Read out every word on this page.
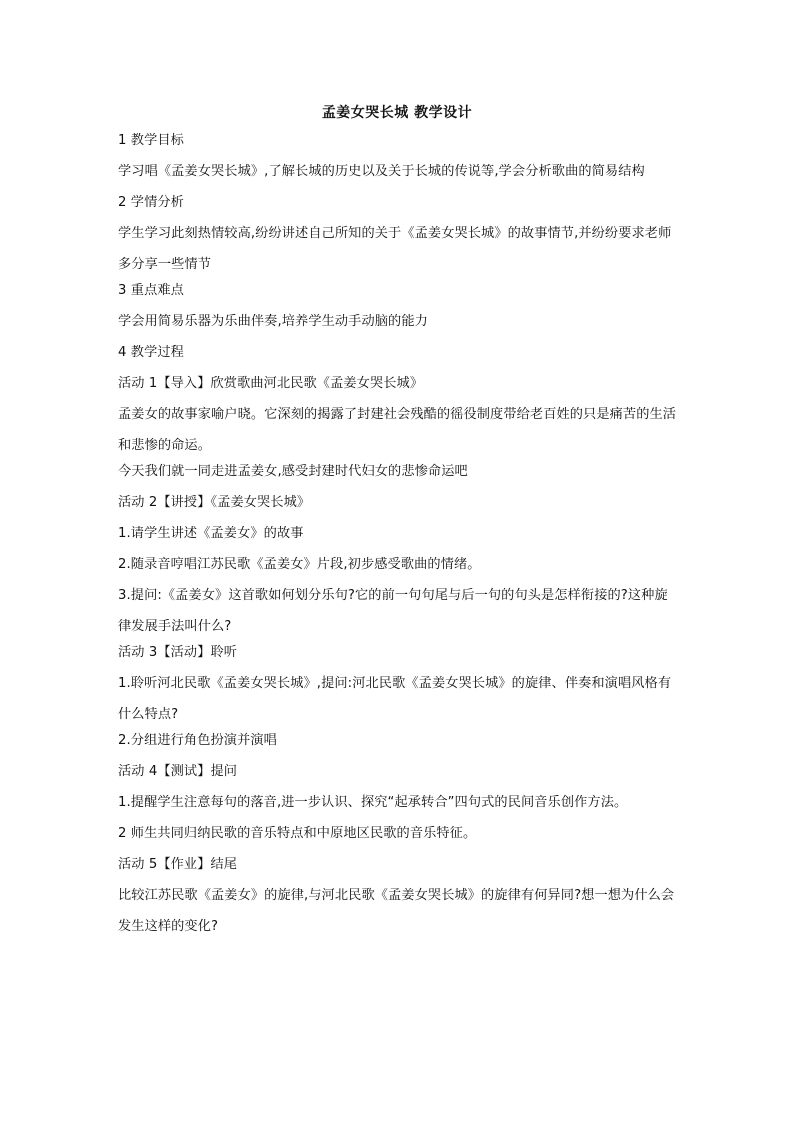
孟姜女哭长城 教学设计
1 教学目标
学习唱《孟姜女哭长城》,了解长城的历史以及关于长城的传说等,学会分析歌曲的简易结构
2 学情分析
学生学习此刻热情较高,纷纷讲述自己所知的关于《孟姜女哭长城》的故事情节,并纷纷要求老师多分享一些情节
3 重点难点
学会用简易乐器为乐曲伴奏,培养学生动手动脑的能力
4 教学过程
活动 1【导入】欣赏歌曲河北民歌《孟姜女哭长城》
孟姜女的故事家喻户晓。它深刻的揭露了封建社会残酷的徭役制度带给老百姓的只是痛苦的生活和悲惨的命运。
今天我们就一同走进孟姜女,感受封建时代妇女的悲惨命运吧
活动 2【讲授】《孟姜女哭长城》
1.请学生讲述《孟姜女》的故事
2.随录音哼唱江苏民歌《孟姜女》片段,初步感受歌曲的情绪。
3.提问:《孟姜女》这首歌如何划分乐句?它的前一句句尾与后一句的句头是怎样衔接的?这种旋律发展手法叫什么?
活动 3【活动】聆听
1.聆听河北民歌《孟姜女哭长城》,提问:河北民歌《孟姜女哭长城》的旋律、伴奏和演唱风格有什么特点?
2.分组进行角色扮演并演唱
活动 4【测试】提问
1.提醒学生注意每句的落音,进一步认识、探究“起承转合”四句式的民间音乐创作方法。
2 师生共同归纳民歌的音乐特点和中原地区民歌的音乐特征。
活动 5【作业】结尾
比较江苏民歌《孟姜女》的旋律,与河北民歌《孟姜女哭长城》的旋律有何异同?想一想为什么会发生这样的变化?
